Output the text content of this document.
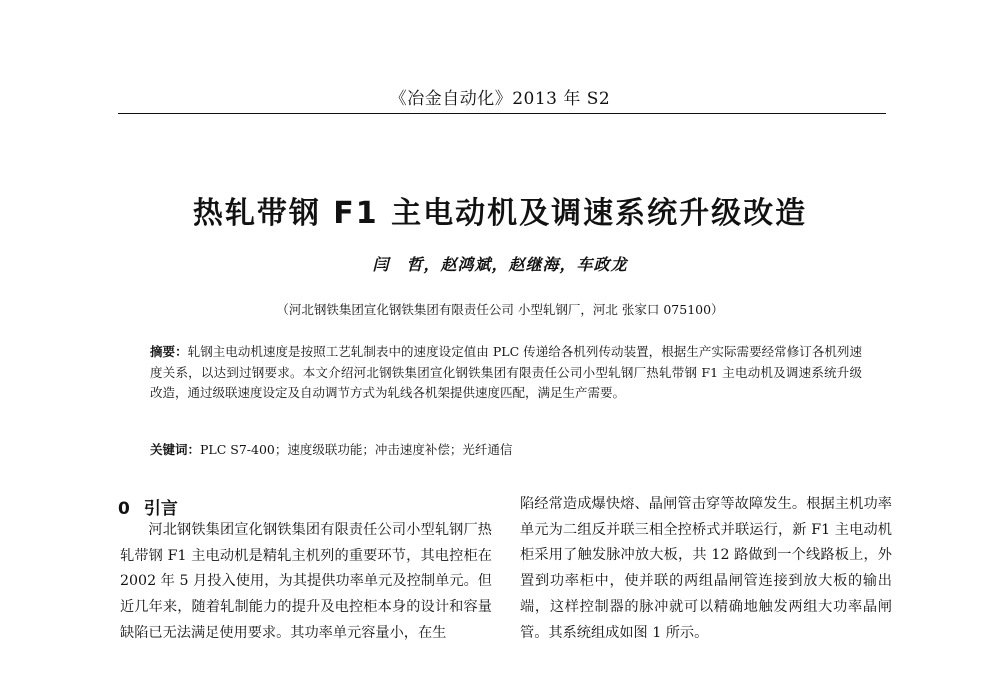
《冶金自动化》2013 年 S2
热轧带钢 F1 主电动机及调速系统升级改造
闫　哲，赵鸿斌，赵继海，车政龙
（河北钢铁集团宣化钢铁集团有限责任公司 小型轧钢厂，河北 张家口 075100）
摘要：轧钢主电动机速度是按照工艺轧制表中的速度设定值由 PLC 传递给各机列传动装置，根据生产实际需要经常修订各机列速度关系，以达到过钢要求。本文介绍河北钢铁集团宣化钢铁集团有限责任公司小型轧钢厂热轧带钢 F1 主电动机及调速系统升级改造，通过级联速度设定及自动调节方式为轧线各机架提供速度匹配，满足生产需要。
关键词：PLC S7-400；速度级联功能；冲击速度补偿；光纤通信
0 引言
河北钢铁集团宣化钢铁集团有限责任公司小型轧钢厂热轧带钢 F1 主电动机是精轧主机列的重要环节，其电控柜在 2002 年 5 月投入使用，为其提供功率单元及控制单元。但近几年来，随着轧制能力的提升及电控柜本身的设计和容量缺陷已无法满足使用要求。其功率单元容量小，在生
陷经常造成爆快熔、晶闸管击穿等故障发生。根据主机功率单元为二组反并联三相全控桥式并联运行，新 F1 主电动机柜采用了触发脉冲放大板，共 12 路做到一个线路板上，外置到功率柜中，使并联的两组晶闸管连接到放大板的输出端，这样控制器的脉冲就可以精确地触发两组大功率晶闸管。其系统组成如图 1 所示。
